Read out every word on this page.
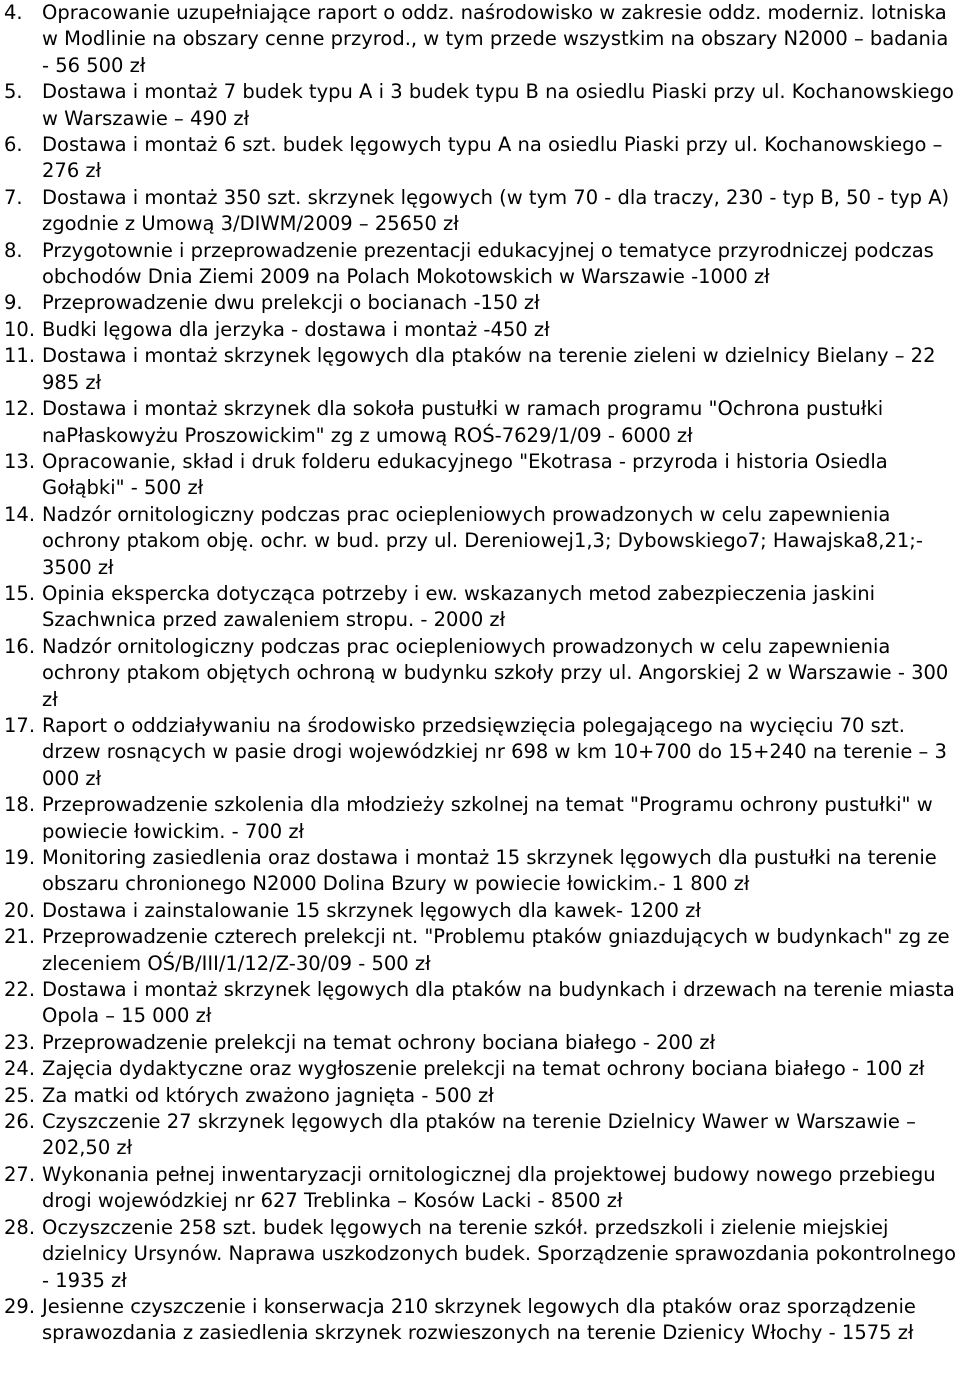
4. Opracowanie uzupełniające raport o oddz. naśrodowisko w zakresie oddz. moderniz. lotniska w Modlinie na obszary cenne przyrod., w tym przede wszystkim na obszary N2000 – badania - 56 500 zł
5. Dostawa i montaż 7 budek typu A i 3 budek typu B na osiedlu Piaski przy ul. Kochanowskiego w Warszawie – 490 zł
6. Dostawa i montaż 6 szt. budek lęgowych typu A na osiedlu Piaski przy ul. Kochanowskiego – 276 zł
7. Dostawa i montaż 350 szt. skrzynek lęgowych (w tym 70 - dla traczy, 230 - typ B, 50 - typ A) zgodnie z Umową 3/DIWM/2009 – 25650 zł
8. Przygotownie i przeprowadzenie prezentacji edukacyjnej o tematyce przyrodniczej podczas obchodów Dnia Ziemi 2009 na Polach Mokotowskich w Warszawie -1000 zł
9. Przeprowadzenie dwu prelekcji o bocianach -150 zł
10. Budki lęgowa dla jerzyka - dostawa i montaż -450 zł
11. Dostawa i montaż skrzynek lęgowych dla ptaków na terenie zieleni w dzielnicy Bielany – 22 985 zł
12. Dostawa i montaż skrzynek dla sokoła pustułki w ramach programu "Ochrona pustułki naPłaskowyżu Proszowickim" zg z umową ROŚ-7629/1/09 - 6000 zł
13. Opracowanie, skład i druk folderu edukacyjnego "Ekotrasa - przyroda i historia Osiedla Gołąbki" - 500 zł
14. Nadzór ornitologiczny podczas prac ociepleniowych prowadzonych w celu zapewnienia ochrony ptakom obję. ochr. w bud. przy ul. Dereniowej1,3; Dybowskiego7; Hawajska8,21;- 3500 zł
15. Opinia ekspercka dotycząca potrzeby i ew. wskazanych metod zabezpieczenia jaskini Szachwnica przed zawaleniem stropu. - 2000 zł
16. Nadzór ornitologiczny podczas prac ociepleniowych prowadzonych w celu zapewnienia ochrony ptakom objętych ochroną w budynku szkoły przy ul. Angorskiej 2 w Warszawie - 300 zł
17. Raport o oddziaływaniu na środowisko przedsięwzięcia polegającego na wycięciu 70 szt. drzew rosnących w pasie drogi wojewódzkiej nr 698 w km 10+700 do 15+240 na terenie – 3 000 zł
18. Przeprowadzenie szkolenia dla młodzieży szkolnej na temat "Programu ochrony pustułki" w powiecie łowickim. - 700 zł
19. Monitoring zasiedlenia oraz dostawa i montaż 15 skrzynek lęgowych dla pustułki na terenie obszaru chronionego N2000 Dolina Bzury w powiecie łowickim.- 1 800 zł
20. Dostawa i zainstalowanie 15 skrzynek lęgowych dla kawek- 1200 zł
21. Przeprowadzenie czterech prelekcji nt. "Problemu ptaków gniazdujących w budynkach" zg ze zleceniem OŚ/B/III/1/12/Z-30/09 - 500 zł
22. Dostawa i montaż skrzynek lęgowych dla ptaków na budynkach i drzewach na terenie miasta Opola – 15 000 zł
23. Przeprowadzenie prelekcji na temat ochrony bociana białego - 200 zł
24. Zajęcia dydaktyczne oraz wygłoszenie prelekcji na temat ochrony bociana białego - 100 zł
25. Za matki od których zważono jagnięta - 500 zł
26. Czyszczenie 27 skrzynek lęgowych dla ptaków na terenie Dzielnicy Wawer w Warszawie – 202,50 zł
27. Wykonania pełnej inwentaryzacji ornitologicznej dla projektowej budowy nowego przebiegu drogi wojewódzkiej nr 627 Treblinka – Kosów Lacki - 8500 zł
28. Oczyszczenie 258 szt. budek lęgowych na terenie szkół. przedszkoli i zielenie miejskiej dzielnicy Ursynów. Naprawa uszkodzonych budek. Sporządzenie sprawozdania pokontrolnego - 1935 zł
29. Jesienne czyszczenie i konserwacja 210 skrzynek legowych dla ptaków oraz sporządzenie sprawozdania z zasiedlenia skrzynek rozwieszonych na terenie Dzienicy Włochy - 1575 zł
